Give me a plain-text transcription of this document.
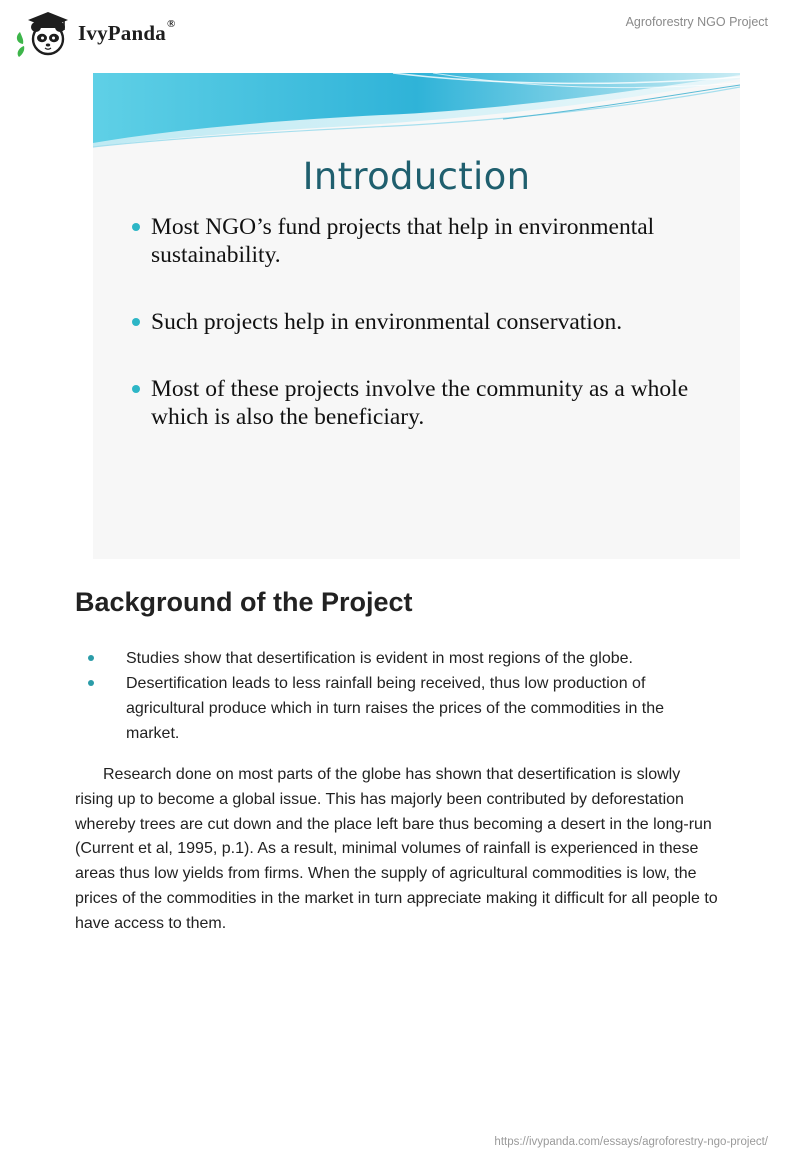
IvyPanda®	Agroforestry NGO Project
Introduction
Most NGO’s fund projects that help in environmental sustainability.
Such projects help in environmental conservation.
Most of these projects involve the community as a whole which is also the beneficiary.
Background of the Project
Studies show that desertification is evident in most regions of the globe.
Desertification leads to less rainfall being received, thus low production of agricultural produce which in turn raises the prices of the commodities in the market.

Research done on most parts of the globe has shown that desertification is slowly rising up to become a global issue. This has majorly been contributed by deforestation whereby trees are cut down and the place left bare thus becoming a desert in the long-run (Current et al, 1995, p.1). As a result, minimal volumes of rainfall is experienced in these areas thus low yields from firms. When the supply of agricultural commodities is low, the prices of the commodities in the market in turn appreciate making it difficult for all people to have access to them.

https://ivypanda.com/essays/agroforestry-ngo-project/
